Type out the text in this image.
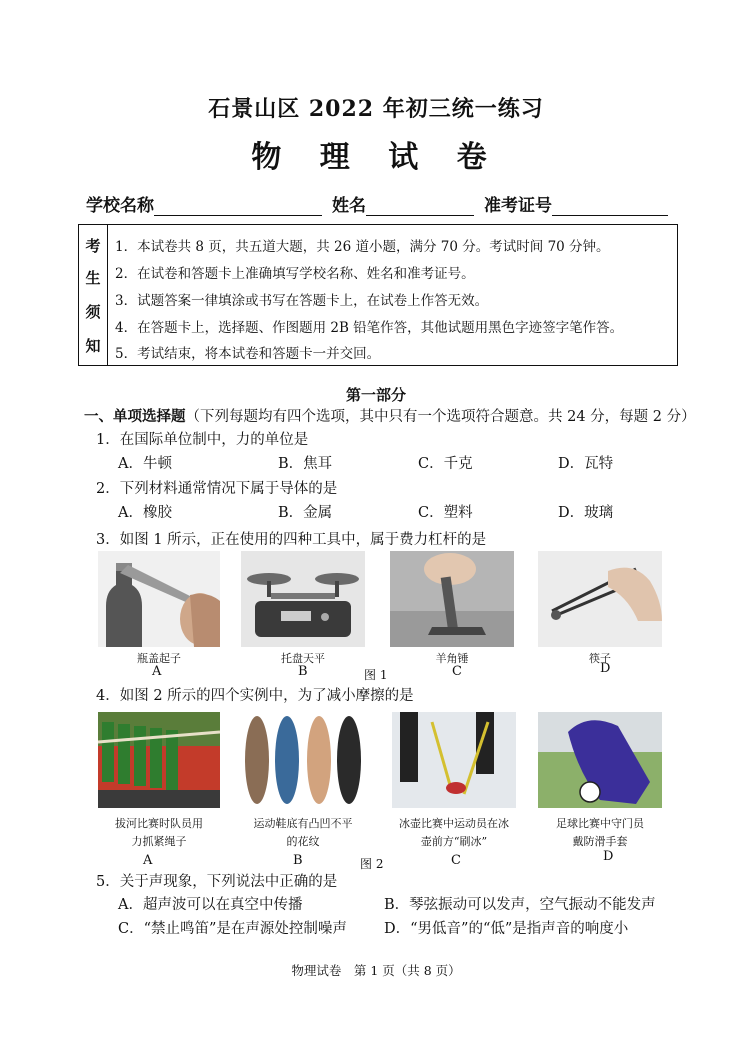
石景山区 2022 年初三统一练习
物 理 试 卷
学校名称	姓名	准考证号
考
生
须
知
1．本试卷共 8 页，共五道大题，共 26 道小题，满分 70 分。考试时间 70 分钟。
2．在试卷和答题卡上准确填写学校名称、姓名和准考证号。
3．试题答案一律填涂或书写在答题卡上，在试卷上作答无效。
4．在答题卡上，选择题、作图题用 2B 铅笔作答，其他试题用黑色字迹签字笔作答。
5．考试结束，将本试卷和答题卡一并交回。
第一部分
一、单项选择题（下列每题均有四个选项，其中只有一个选项符合题意。共 24 分，每题 2 分）
1．在国际单位制中，力的单位是
A．牛顿	B．焦耳	C．千克	D．瓦特
2．下列材料通常情况下属于导体的是
A．橡胶	B．金属	C．塑料	D．玻璃
3．如图 1 所示，正在使用的四种工具中，属于费力杠杆的是
瓶盖起子	托盘天平	羊角锤	筷子
A	B	图 1	C	D
4．如图 2 所示的四个实例中，为了减小摩擦的是
拔河比赛时队员用
力抓紧绳子
运动鞋底有凸凹不平
的花纹
冰壶比赛中运动员在冰
壶前方“刷冰”
足球比赛中守门员
戴防滑手套
A	B	图 2	C	D
5．关于声现象，下列说法中正确的是
A．超声波可以在真空中传播	B．琴弦振动可以发声，空气振动不能发声
C．“禁止鸣笛”是在声源处控制噪声	D．“男低音”的“低”是指声音的响度小
物理试卷　第 1 页（共 8 页）
